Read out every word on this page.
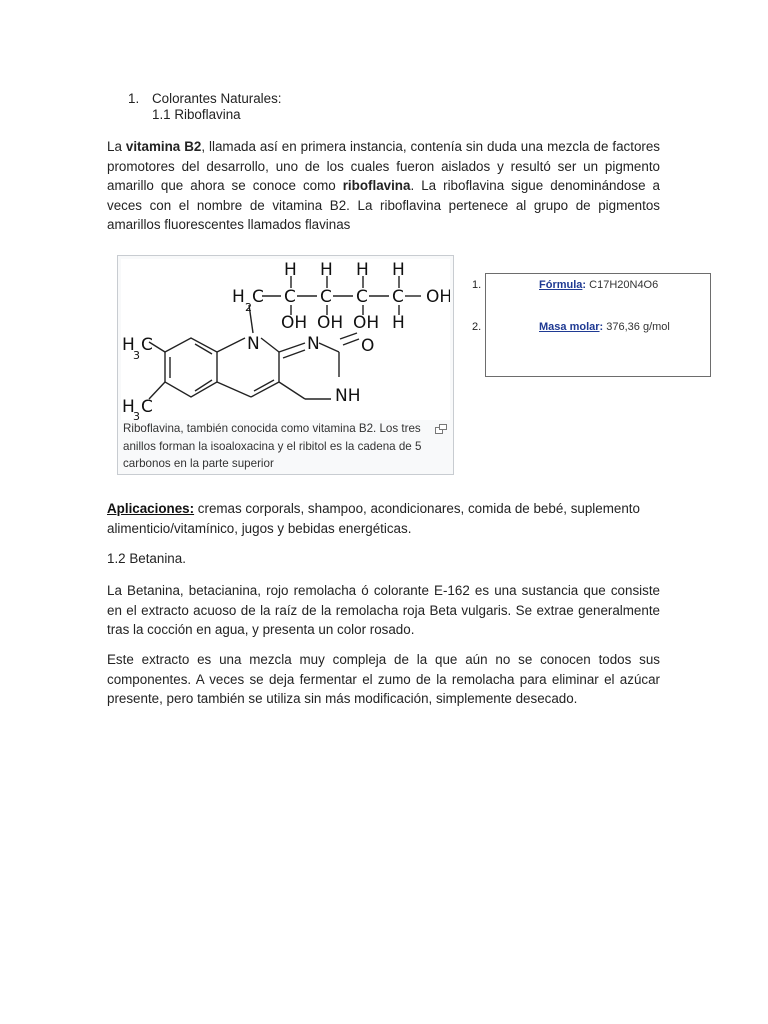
1. Colorantes Naturales:
1.1 Riboflavina
La vitamina B2, llamada así en primera instancia, contenía sin duda una mezcla de factores promotores del desarrollo, uno de los cuales fueron aislados y resultó ser un pigmento amarillo que ahora se conoce como riboflavina. La riboflavina sigue denominándose a veces con el nombre de vitamina B2. La riboflavina pertenece al grupo de pigmentos amarillos fluorescentes llamados flavinas
H H H H
H C
2
C C C C OH
OH OH OH H
N	N O
NH
H C
3
H C
3
Riboflavina, también conocida como vitamina B2. Los tres anillos forman la isoaloxacina y el ribitol es la cadena de 5 carbonos en la parte superior
1.
2.
Fórmula: C17H20N4O6
Masa molar: 376,36 g/mol
Aplicaciones: cremas corporals, shampoo, acondicionares, comida de bebé, suplemento alimenticio/vitamínico, jugos y bebidas energéticas.
1.2 Betanina.
La Betanina, betacianina, rojo remolacha ó colorante E-162 es una sustancia que consiste en el extracto acuoso de la raíz de la remolacha roja Beta vulgaris. Se extrae generalmente tras la cocción en agua, y presenta un color rosado.
Este extracto es una mezcla muy compleja de la que aún no se conocen todos sus componentes. A veces se deja fermentar el zumo de la remolacha para eliminar el azúcar presente, pero también se utiliza sin más modificación, simplemente desecado.
